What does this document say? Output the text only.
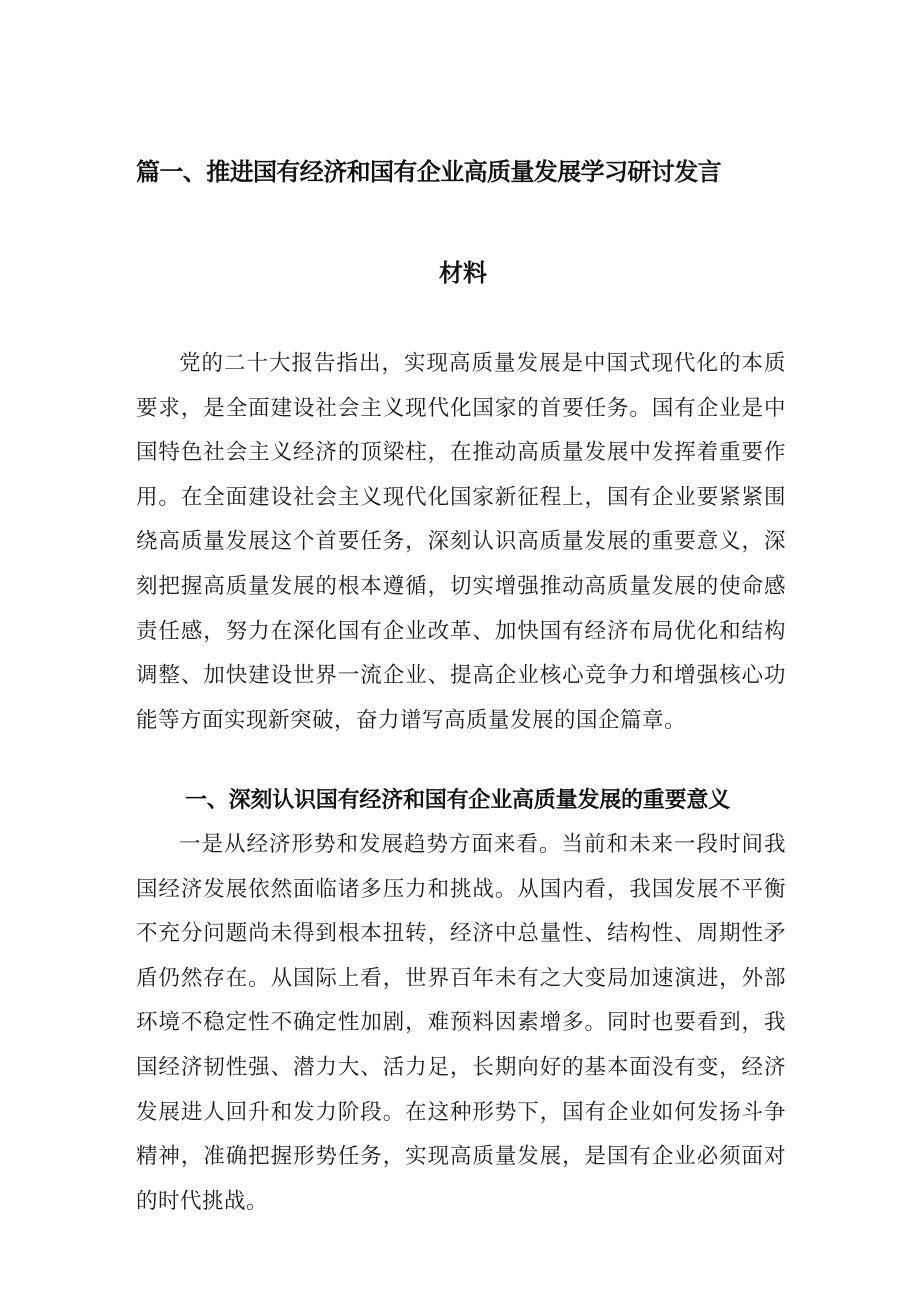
篇一、推进国有经济和国有企业高质量发展学习研讨发言
材料

党的二十大报告指出，实现高质量发展是中国式现代化的本质要求，是全面建设社会主义现代化国家的首要任务。国有企业是中国特色社会主义经济的顶梁柱，在推动高质量发展中发挥着重要作用。在全面建设社会主义现代化国家新征程上，国有企业要紧紧围绕高质量发展这个首要任务，深刻认识高质量发展的重要意义，深刻把握高质量发展的根本遵循，切实增强推动高质量发展的使命感责任感，努力在深化国有企业改革、加快国有经济布局优化和结构调整、加快建设世界一流企业、提高企业核心竞争力和增强核心功能等方面实现新突破，奋力谱写高质量发展的国企篇章。

一、深刻认识国有经济和国有企业高质量发展的重要意义

一是从经济形势和发展趋势方面来看。当前和未来一段时间我国经济发展依然面临诸多压力和挑战。从国内看，我国发展不平衡不充分问题尚未得到根本扭转，经济中总量性、结构性、周期性矛盾仍然存在。从国际上看，世界百年未有之大变局加速演进，外部环境不稳定性不确定性加剧，难预料因素增多。同时也要看到，我国经济韧性强、潜力大、活力足，长期向好的基本面没有变，经济发展进人回升和发力阶段。在这种形势下，国有企业如何发扬斗争精神，准确把握形势任务，实现高质量发展，是国有企业必须面对的时代挑战。
